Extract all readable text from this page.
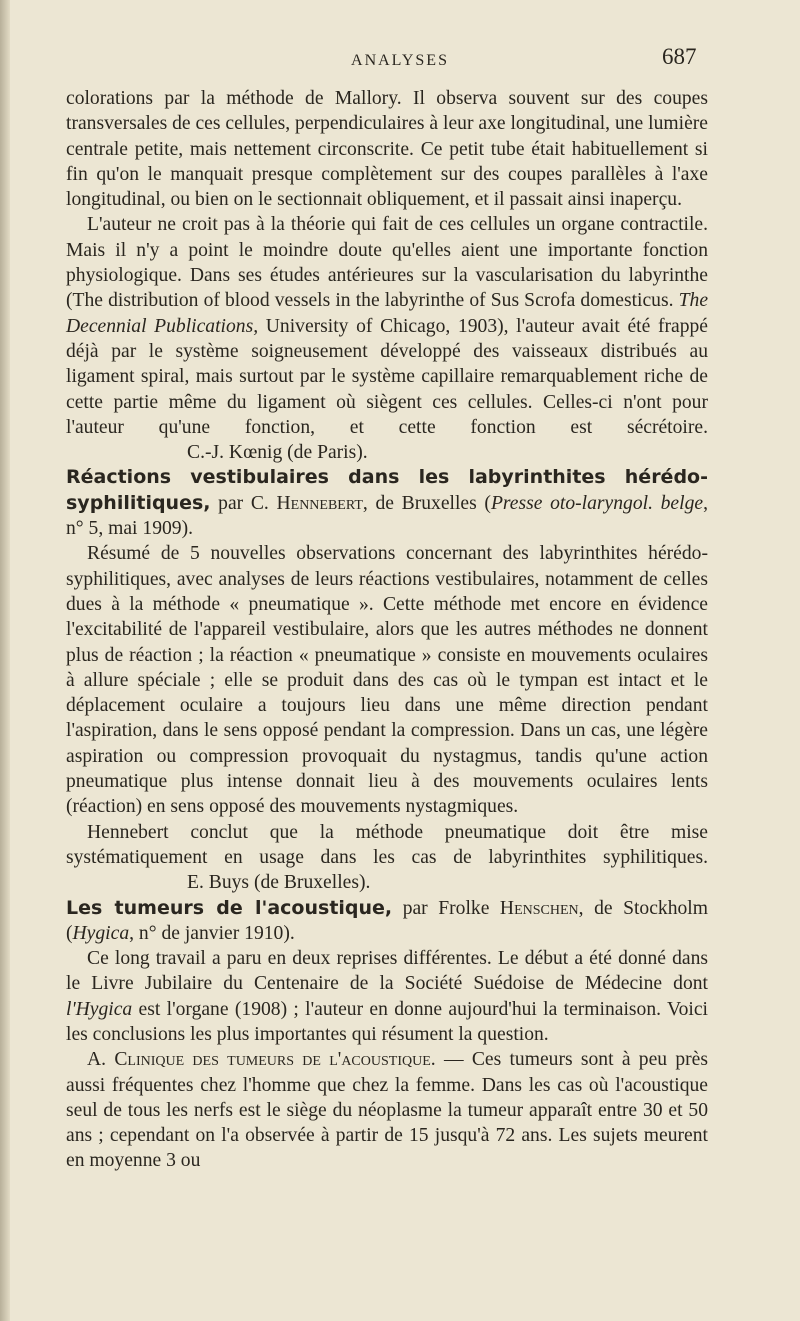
ANALYSES	687

colorations par la méthode de Mallory. Il observa souvent sur des coupes transversales de ces cellules, perpendiculaires à leur axe longitudinal, une lumière centrale petite, mais nettement circonscrite. Ce petit tube était habituellement si fin qu'on le manquait presque complètement sur des coupes parallèles à l'axe longitudinal, ou bien on le sectionnait obliquement, et il passait ainsi inaperçu.

L'auteur ne croit pas à la théorie qui fait de ces cellules un organe contractile. Mais il n'y a point le moindre doute qu'elles aient une importante fonction physiologique. Dans ses études antérieures sur la vascularisation du labyrinthe (The distribution of blood vessels in the labyrinthe of Sus Scrofa domesticus. The Decennial Publications, University of Chicago, 1903), l'auteur avait été frappé déjà par le système soigneusement développé des vaisseaux distribués au ligament spiral, mais surtout par le système capillaire remarquablement riche de cette partie même du ligament où siègent ces cellules. Celles-ci n'ont pour l'auteur qu'une fonction, et cette fonction est sécrétoire.C.-J. Kœnig (de Paris).

Réactions vestibulaires dans les labyrinthites hérédo-syphilitiques, par C. Hennebert, de Bruxelles (Presse oto-laryngol. belge, n° 5, mai 1909).

Résumé de 5 nouvelles observations concernant des labyrinthites hérédo-syphilitiques, avec analyses de leurs réactions vestibulaires, notamment de celles dues à la méthode « pneumatique ». Cette méthode met encore en évidence l'excitabilité de l'appareil vestibulaire, alors que les autres méthodes ne donnent plus de réaction ; la réaction « pneumatique » consiste en mouvements oculaires à allure spéciale ; elle se produit dans des cas où le tympan est intact et le déplacement oculaire a toujours lieu dans une même direction pendant l'aspiration, dans le sens opposé pendant la compression. Dans un cas, une légère aspiration ou compression provoquait du nystagmus, tandis qu'une action pneumatique plus intense donnait lieu à des mouvements oculaires lents (réaction) en sens opposé des mouvements nystagmiques.

Hennebert conclut que la méthode pneumatique doit être mise systématiquement en usage dans les cas de labyrinthites syphilitiques.E. Buys (de Bruxelles).

Les tumeurs de l'acoustique, par Frolke Henschen, de Stockholm (Hygica, n° de janvier 1910).

Ce long travail a paru en deux reprises différentes. Le début a été donné dans le Livre Jubilaire du Centenaire de la Société Suédoise de Médecine dont l'Hygica est l'organe (1908) ; l'auteur en donne aujourd'hui la terminaison. Voici les conclusions les plus importantes qui résument la question.

A. Clinique des tumeurs de l'acoustique. — Ces tumeurs sont à peu près aussi fréquentes chez l'homme que chez la femme. Dans les cas où l'acoustique seul de tous les nerfs est le siège du néoplasme la tumeur apparaît entre 30 et 50 ans ; cependant on l'a observée à partir de 15 jusqu'à 72 ans. Les sujets meurent en moyenne 3 ou
